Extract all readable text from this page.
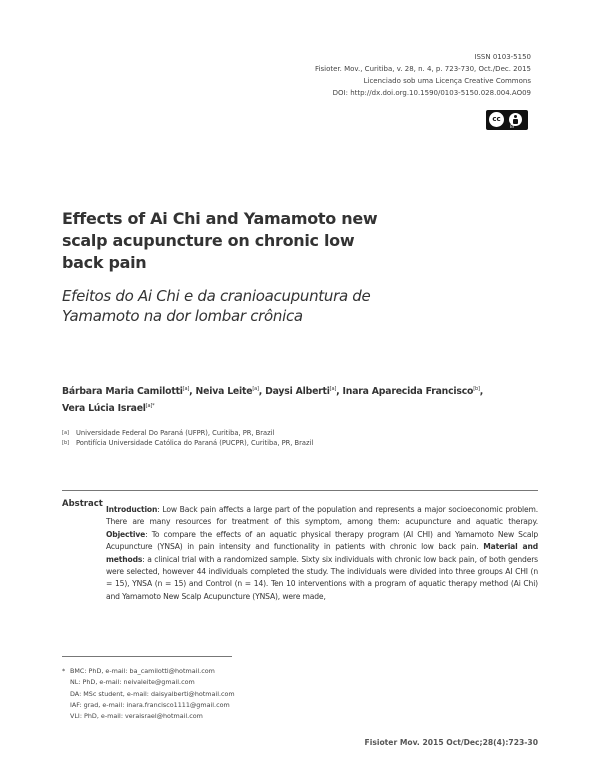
ISSN 0103-5150
Fisioter. Mov., Curitiba, v. 28, n. 4, p. 723-730, Oct./Dec. 2015
Licenciado sob uma Licença Creative Commons
DOI: http://dx.doi.org.10.1590/0103-5150.028.004.AO09
cc
BY
Effects of Ai Chi and Yamamoto new scalp acupuncture on chronic low back pain
Efeitos do Ai Chi e da cranioacupuntura de Yamamoto na dor lombar crônica
Bárbara Maria Camilotti[a], Neiva Leite[a], Daysi Alberti[a], Inara Aparecida Francisco[b],
Vera Lúcia Israel$^{[a]*}$
[a] Universidade Federal Do Paraná (UFPR), Curitiba, PR, Brazil
[b] Pontifícia Universidade Católica do Paraná (PUCPR), Curitiba, PR, Brazil
Abstract
Introduction: Low Back pain affects a large part of the population and represents a major socioeconomic problem. There are many resources for treatment of this symptom, among them: acupuncture and aquatic therapy. Objective: To compare the effects of an aquatic physical therapy program (AI CHI) and Yamamoto New Scalp Acupuncture (YNSA) in pain intensity and functionality in patients with chronic low back pain. Material and methods: a clinical trial with a randomized sample. Sixty six individuals with chronic low back pain, of both genders were selected, however 44 individuals completed the study. The individuals were divided into three groups AI CHI (n = 15), YNSA (n = 15) and Control (n = 14). Ten 10 interventions with a program of aquatic therapy method (Ai Chi) and Yamamoto New Scalp Acupuncture (YNSA), were made,
* BMC: PhD, e-mail: ba_camilotti@hotmail.com
NL: PhD, e-mail: neivaleite@gmail.com
DA: MSc student, e-mail: daisyalberti@hotmail.com
IAF: grad, e-mail: inara.francisco1111@gmail.com
VLI: PhD, e-mail: veraisrael@hotmail.com
Fisioter Mov. 2015 Oct/Dec;28(4):723-30
